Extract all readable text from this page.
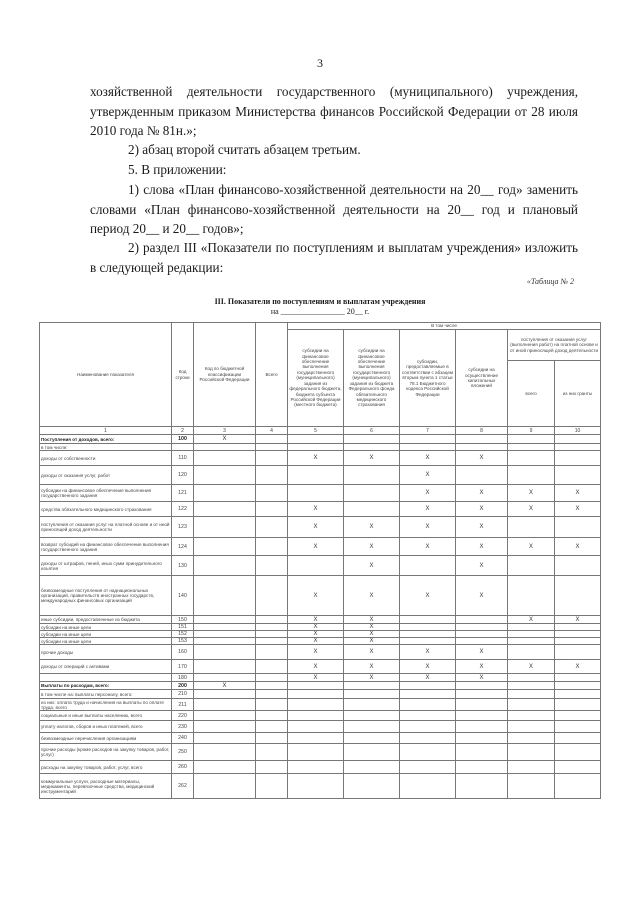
3
хозяйственной деятельности государственного (муниципального) учреждения, утвержденным приказом Министерства финансов Российской Федерации от 28 июля 2010 года № 81н.»;
2) абзац второй считать абзацем третьим.
5. В приложении:
1) слова «План финансово-хозяйственной деятельности на 20__ год» заменить словами «План финансово-хозяйственной деятельности на 20__ год и плановый период 20__ и 20__ годов»;
2) раздел III «Показатели по поступлениям и выплатам учреждения» изложить в следующей редакции:
«Таблица № 2
III. Показатели по поступлениям и выплатам учреждения
на ________________ 20__ г.
Наименование показателя	Код строки	Код по бюджетной классификации Российской Федерации	Всего	В том числе					
				субсидии на финансовое обеспечение выполнения государственного (муниципального) задания из федерального бюджета, бюджета субъекта Российской Федерации (местного бюджета)	субсидии на финансовое обеспечение выполнения государственного (муниципального) задания из бюджета Федерального фонда обязательного медицинского страхования	субсидии, предоставляемые в соответствии с абзацем вторым пункта 1 статьи 78.1 Бюджетного кодекса Российской Федерации	субсидии на осуществление капитальных вложений	поступления от оказания услуг (выполнения работ) на платной основе и от иной приносящей доход деятельности	
								всего	из них гранты
1	2	3	4	5	6	7	8	9	10
Поступления от доходов, всего:	100	X							
в том числе:									
доходы от собственности	110			X	X	X	X		
доходы от оказания услуг, работ	120					X			
субсидии на финансовое обеспечение выполнения государственного задания	121					X	X	X	X
средства обязательного медицинского страхования	122			X		X	X	X	X
поступления от оказания услуг на платной основе и от иной приносящей доход деятельности	123			X	X	X	X		
возврат субсидий на финансовое обеспечение выполнения государственного задания	124			X	X	X	X	X	X
доходы от штрафов, пеней, иных сумм принудительного изъятия	130				X		X		
безвозмездные поступления от наднациональных организаций, правительств иностранных государств, международных финансовых организаций	140			X	X	X	X		
иные субсидии, предоставленные из бюджета	150			X	X			X	X
субсидии на иные цели	151			X	X				
субсидии на иные цели	152			X	X				
субсидии на иные цели	153			X	X				
прочие доходы	160			X	X	X	X		
доходы от операций с активами	170			X	X	X	X	X	X
	180			X	X	X	X		
Выплаты по расходам, всего:	200	X							
в том числе на: выплаты персоналу, всего:	210								
из них: оплата труда и начисления на выплаты по оплате труда, всего	211								
социальные и иные выплаты населению, всего	220								
уплату налогов, сборов и иных платежей, всего	230								
безвозмездные перечисления организациям	240								
прочие расходы (кроме расходов на закупку товаров, работ, услуг)	250								
расходы на закупку товаров, работ, услуг, всего	260								
коммунальные услуги, расходные материалы, медикаменты, перевязочные средства, медицинский инструментарий	262								
